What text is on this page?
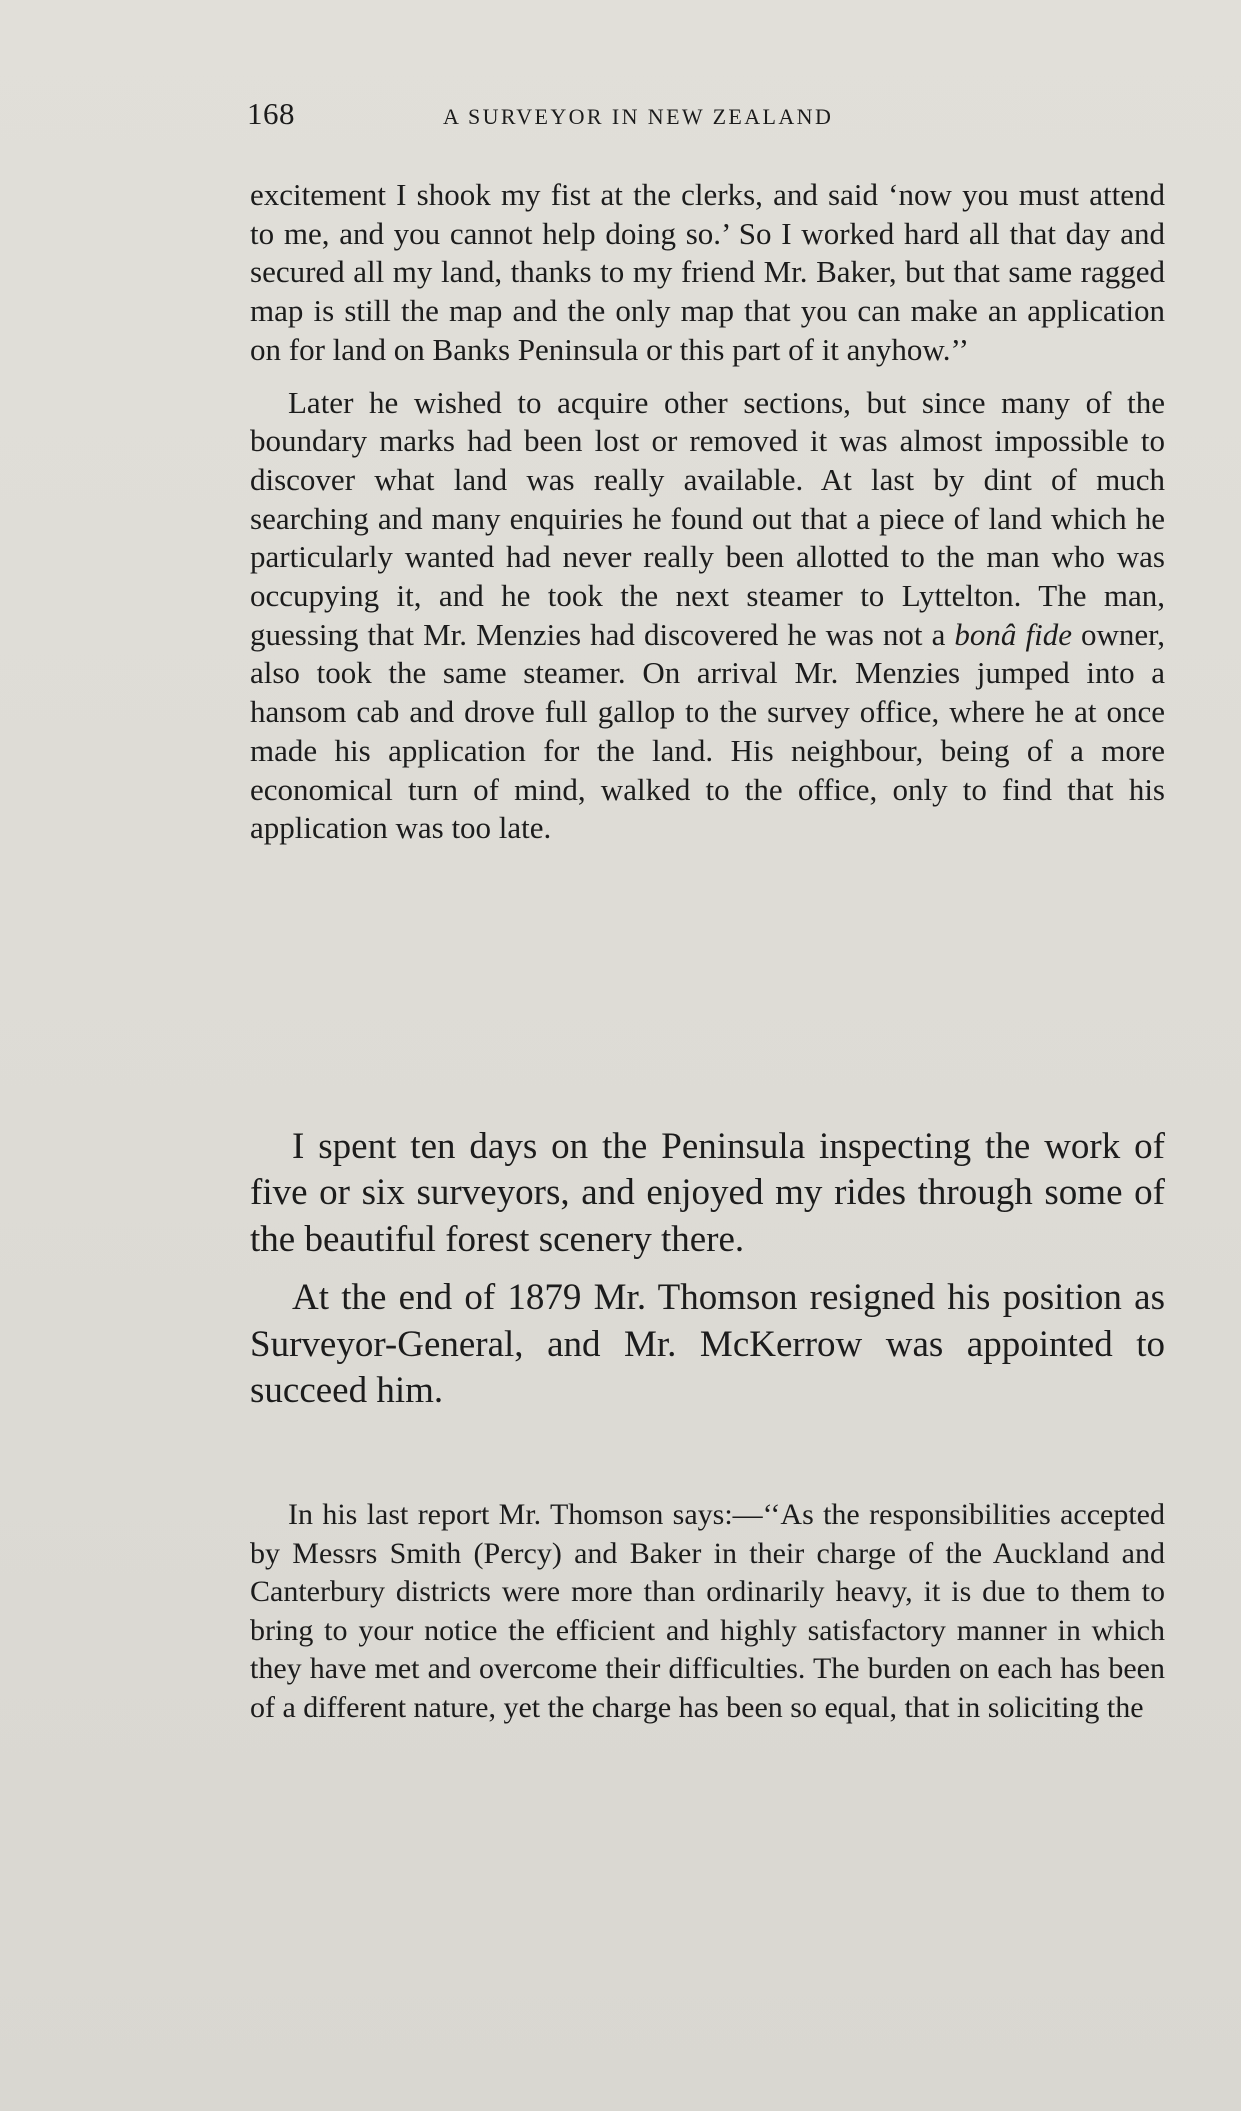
168	A SURVEYOR IN NEW ZEALAND

excitement I shook my fist at the clerks, and said ‘now you must attend to me, and you cannot help doing so.’ So I worked hard all that day and secured all my land, thanks to my friend Mr. Baker, but that same ragged map is still the map and the only map that you can make an application on for land on Banks Peninsula or this part of it anyhow.’’

Later he wished to acquire other sections, but since many of the boundary marks had been lost or removed it was almost impossible to discover what land was really available. At last by dint of much searching and many enquiries he found out that a piece of land which he particularly wanted had never really been allotted to the man who was occupying it, and he took the next steamer to Lyttelton. The man, guessing that Mr. Menzies had discovered he was not a bonâ fide owner, also took the same steamer. On arrival Mr. Menzies jumped into a hansom cab and drove full gallop to the survey office, where he at once made his application for the land. His neighbour, being of a more economical turn of mind, walked to the office, only to find that his application was too late.

I spent ten days on the Peninsula inspecting the work of five or six surveyors, and enjoyed my rides through some of the beautiful forest scenery there.

At the end of 1879 Mr. Thomson resigned his position as Surveyor-General, and Mr. McKerrow was appointed to succeed him.

In his last report Mr. Thomson says:—‘‘As the responsibilities accepted by Messrs Smith (Percy) and Baker in their charge of the Auckland and Canterbury districts were more than ordinarily heavy, it is due to them to bring to your notice the efficient and highly satisfactory manner in which they have met and overcome their difficulties. The burden on each has been of a different nature, yet the charge has been so equal, that in soliciting the
